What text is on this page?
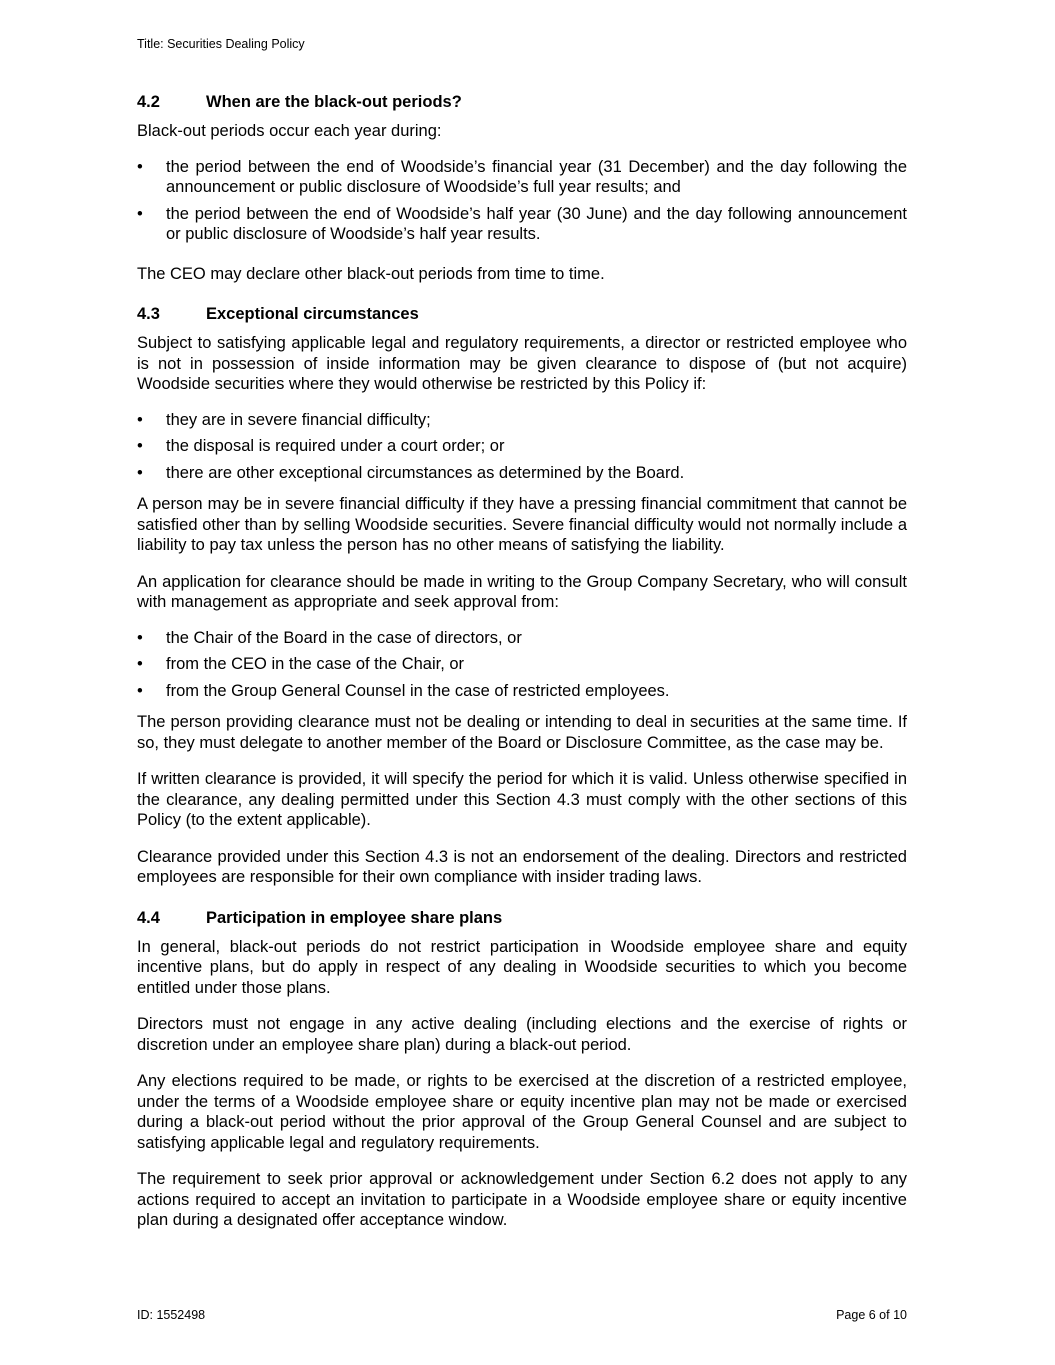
Title: Securities Dealing Policy
4.2	When are the black-out periods?

Black-out periods occur each year during:

• the period between the end of Woodside’s financial year (31 December) and the day following the announcement or public disclosure of Woodside’s full year results; and
• the period between the end of Woodside’s half year (30 June) and the day following announcement or public disclosure of Woodside’s half year results.

The CEO may declare other black-out periods from time to time.

4.3	Exceptional circumstances

Subject to satisfying applicable legal and regulatory requirements, a director or restricted employee who is not in possession of inside information may be given clearance to dispose of (but not acquire) Woodside securities where they would otherwise be restricted by this Policy if:

• they are in severe financial difficulty;
• the disposal is required under a court order; or
• there are other exceptional circumstances as determined by the Board.

A person may be in severe financial difficulty if they have a pressing financial commitment that cannot be satisfied other than by selling Woodside securities. Severe financial difficulty would not normally include a liability to pay tax unless the person has no other means of satisfying the liability.

An application for clearance should be made in writing to the Group Company Secretary, who will consult with management as appropriate and seek approval from:

• the Chair of the Board in the case of directors, or
• from the CEO in the case of the Chair, or
• from the Group General Counsel in the case of restricted employees.

The person providing clearance must not be dealing or intending to deal in securities at the same time. If so, they must delegate to another member of the Board or Disclosure Committee, as the case may be.

If written clearance is provided, it will specify the period for which it is valid. Unless otherwise specified in the clearance, any dealing permitted under this Section 4.3 must comply with the other sections of this Policy (to the extent applicable).

Clearance provided under this Section 4.3 is not an endorsement of the dealing. Directors and restricted employees are responsible for their own compliance with insider trading laws.

4.4	Participation in employee share plans

In general, black-out periods do not restrict participation in Woodside employee share and equity incentive plans, but do apply in respect of any dealing in Woodside securities to which you become entitled under those plans.

Directors must not engage in any active dealing (including elections and the exercise of rights or discretion under an employee share plan) during a black-out period.

Any elections required to be made, or rights to be exercised at the discretion of a restricted employee, under the terms of a Woodside employee share or equity incentive plan may not be made or exercised during a black-out period without the prior approval of the Group General Counsel and are subject to satisfying applicable legal and regulatory requirements.

The requirement to seek prior approval or acknowledgement under Section 6.2 does not apply to any actions required to accept an invitation to participate in a Woodside employee share or equity incentive plan during a designated offer acceptance window.

ID: 1552498	Page 6 of 10
